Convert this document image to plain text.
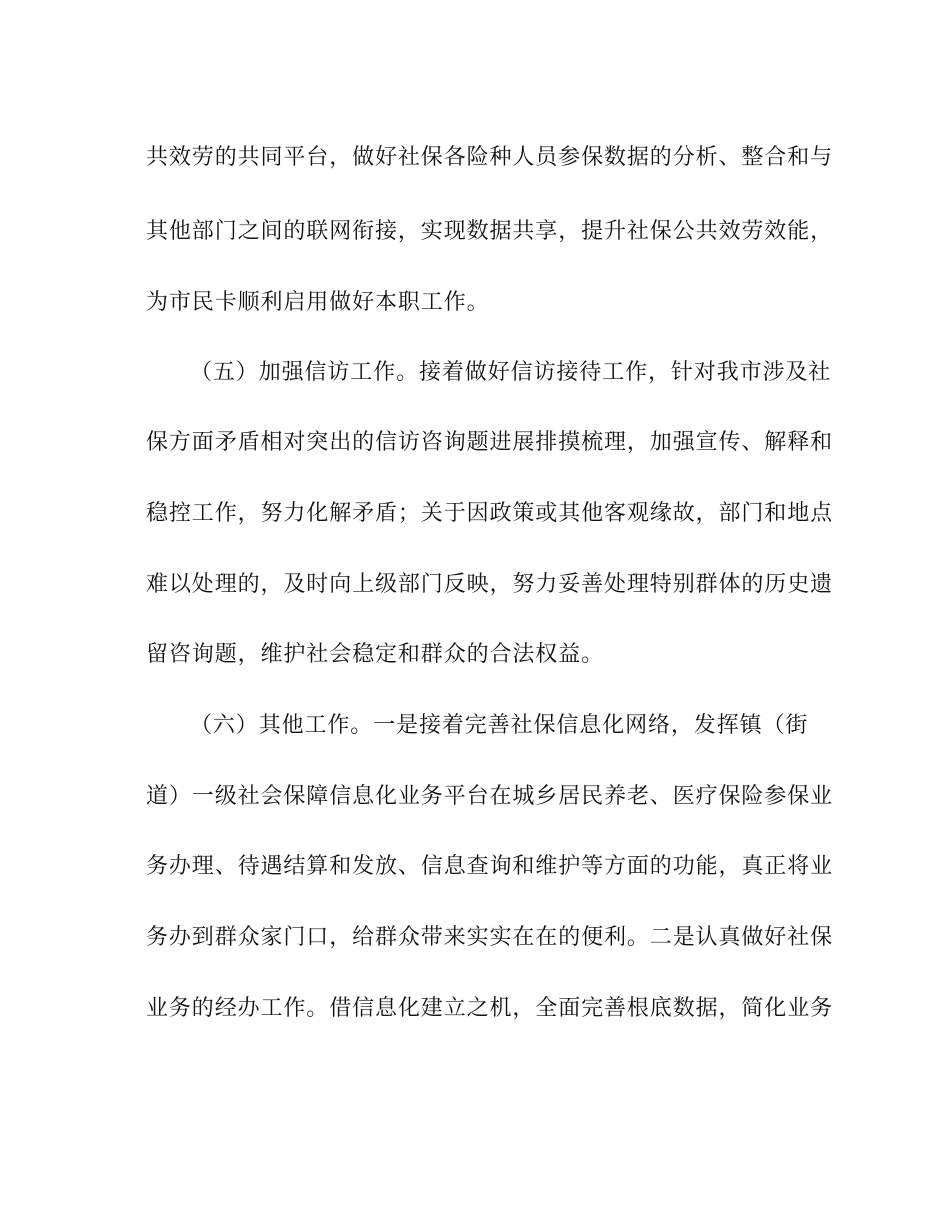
共效劳的共同平台，做好社保各险种人员参保数据的分析、整合和与
其他部门之间的联网衔接，实现数据共享，提升社保公共效劳效能，
为市民卡顺利启用做好本职工作。
（五）加强信访工作。接着做好信访接待工作，针对我市涉及社
保方面矛盾相对突出的信访咨询题进展排摸梳理，加强宣传、解释和
稳控工作，努力化解矛盾；关于因政策或其他客观缘故，部门和地点
难以处理的，及时向上级部门反映，努力妥善处理特别群体的历史遗
留咨询题，维护社会稳定和群众的合法权益。
（六）其他工作。一是接着完善社保信息化网络，发挥镇（街
道）一级社会保障信息化业务平台在城乡居民养老、医疗保险参保业
务办理、待遇结算和发放、信息查询和维护等方面的功能，真正将业
务办到群众家门口，给群众带来实实在在的便利。二是认真做好社保
业务的经办工作。借信息化建立之机，全面完善根底数据，简化业务
